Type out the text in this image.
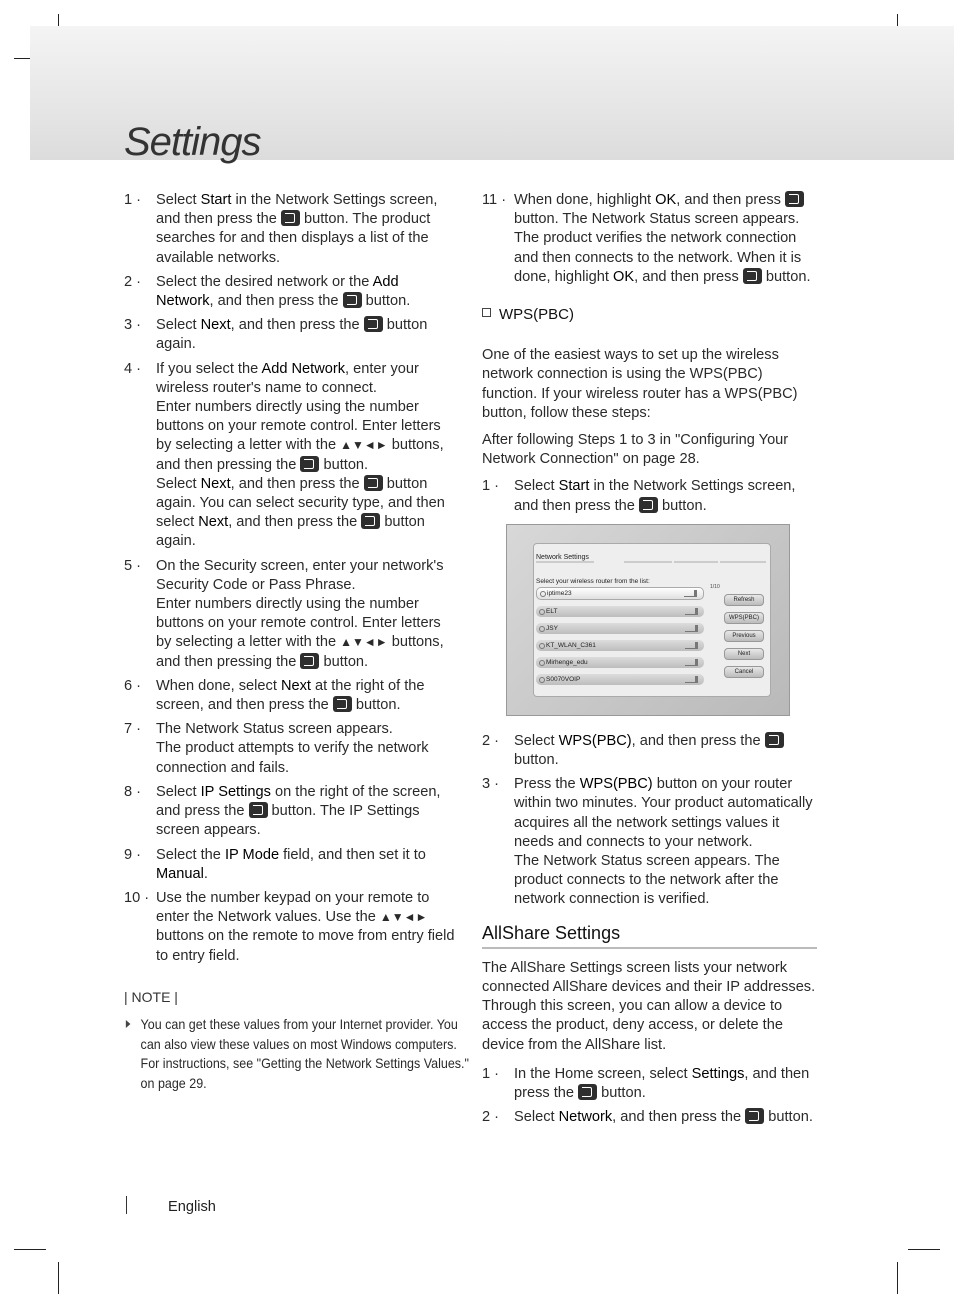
Settings
1 · Select Start in the Network Settings screen, and then press the  button. The product searches for and then displays a list of the available networks.
2 · Select the desired network or the Add Network, and then press the  button.
3 · Select Next, and then press the  button again.
4 · If you select the Add Network, enter your wireless router's name to connect.
Enter numbers directly using the number buttons on your remote control. Enter letters by selecting a letter with the ▲▼◄► buttons, and then pressing the  button.
Select Next, and then press the  button again. You can select security type, and then select Next, and then press the  button again.
5 · On the Security screen, enter your network's Security Code or Pass Phrase.
Enter numbers directly using the number buttons on your remote control. Enter letters by selecting a letter with the ▲▼◄► buttons, and then pressing the  button.
6 · When done, select Next at the right of the screen, and then press the  button.
7 · The Network Status screen appears.
The product attempts to verify the network connection and fails.
8 · Select IP Settings on the right of the screen, and press the  button. The IP Settings screen appears.
9 · Select the IP Mode field, and then set it to Manual.
10 · Use the number keypad on your remote to enter the Network values. Use the ▲▼◄► buttons on the remote to move from entry field to entry field.
| NOTE |
You can get these values from your Internet provider. You can also view these values on most Windows computers. For instructions, see "Getting the Network Settings Values." on page 29.
11 · When done, highlight OK, and then press  button. The Network Status screen appears. The product verifies the network connection and then connects to the network. When it is done, highlight OK, and then press  button.
WPS(PBC)

One of the easiest ways to set up the wireless network connection is using the WPS(PBC) function. If your wireless router has a WPS(PBC) button, follow these steps:

After following Steps 1 to 3 in "Configuring Your Network Connection" on page 28.

1 · Select Start in the Network Settings screen, and then press the  button.
Network Settings
Select your wireless router from the list:
1/10
iptime23
ELT
JSY
KT_WLAN_C361
Mirhenge_edu
S0070VOIP
Refresh
WPS(PBC)
Previous
Next
Cancel
2 · Select WPS(PBC), and then press the  button.
3 · Press the WPS(PBC) button on your router within two minutes. Your product automatically acquires all the network settings values it needs and connects to your network.
The Network Status screen appears. The product connects to the network after the network connection is verified.
AllShare Settings

The AllShare Settings screen lists your network connected AllShare devices and their IP addresses. Through this screen, you can allow a device to access the product, deny access, or delete the device from the AllShare list.

1 · In the Home screen, select Settings, and then press the  button.
2 · Select Network, and then press the  button.
English
